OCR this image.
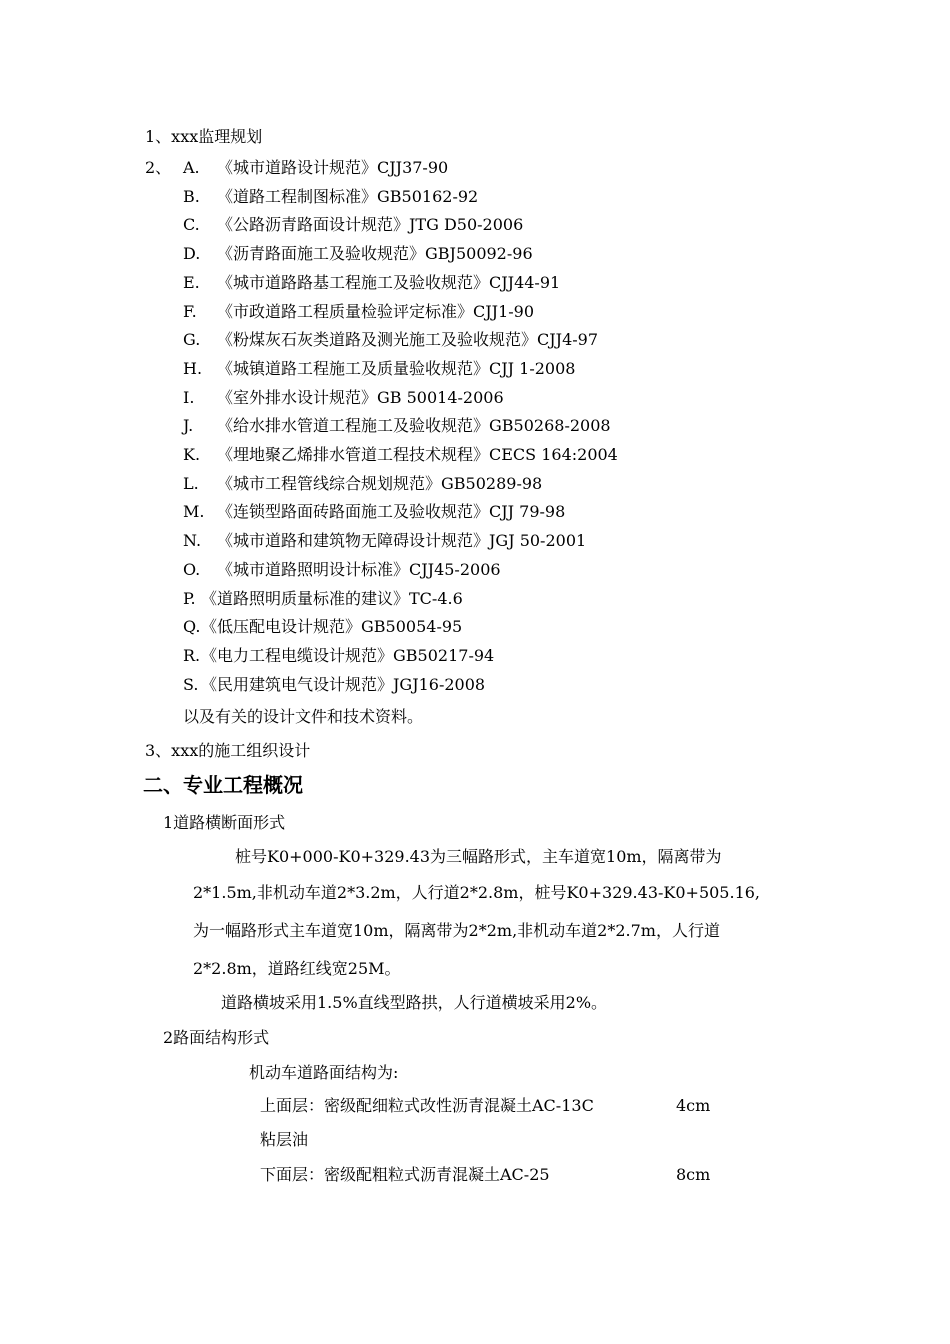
1、xxx监理规划
2、 A. 《城市道路设计规范》CJJ37-90
B. 《道路工程制图标准》GB50162-92
C. 《公路沥青路面设计规范》JTG D50-2006
D. 《沥青路面施工及验收规范》GBJ50092-96
E. 《城市道路路基工程施工及验收规范》CJJ44-91
F. 《市政道路工程质量检验评定标准》CJJ1-90
G. 《粉煤灰石灰类道路及测光施工及验收规范》CJJ4-97
H. 《城镇道路工程施工及质量验收规范》CJJ 1-2008
I. 《室外排水设计规范》GB 50014-2006
J. 《给水排水管道工程施工及验收规范》GB50268-2008
K. 《埋地聚乙烯排水管道工程技术规程》CECS 164:2004
L. 《城市工程管线综合规划规范》GB50289-98
M. 《连锁型路面砖路面施工及验收规范》CJJ 79-98
N. 《城市道路和建筑物无障碍设计规范》JGJ 50-2001
O. 《城市道路照明设计标准》CJJ45-2006
P. 《道路照明质量标准的建议》TC-4.6
Q.《低压配电设计规范》GB50054-95
R.《电力工程电缆设计规范》GB50217-94
S. 《民用建筑电气设计规范》JGJ16-2008
以及有关的设计文件和技术资料。
3、xxx的施工组织设计
二、专业工程概况
1道路横断面形式
桩号K0+000-K0+329.43为三幅路形式，主车道宽10m，隔离带为
2*1.5m,非机动车道2*3.2m，人行道2*2.8m，桩号K0+329.43-K0+505.16,
为一幅路形式主车道宽10m，隔离带为2*2m,非机动车道2*2.7m，人行道
2*2.8m，道路红线宽25M。
道路横坡采用1.5%直线型路拱，人行道横坡采用2%。
2路面结构形式
机动车道路面结构为:
上面层：密级配细粒式改性沥青混凝土AC-13C	4cm
粘层油
下面层：密级配粗粒式沥青混凝土AC-25	8cm
